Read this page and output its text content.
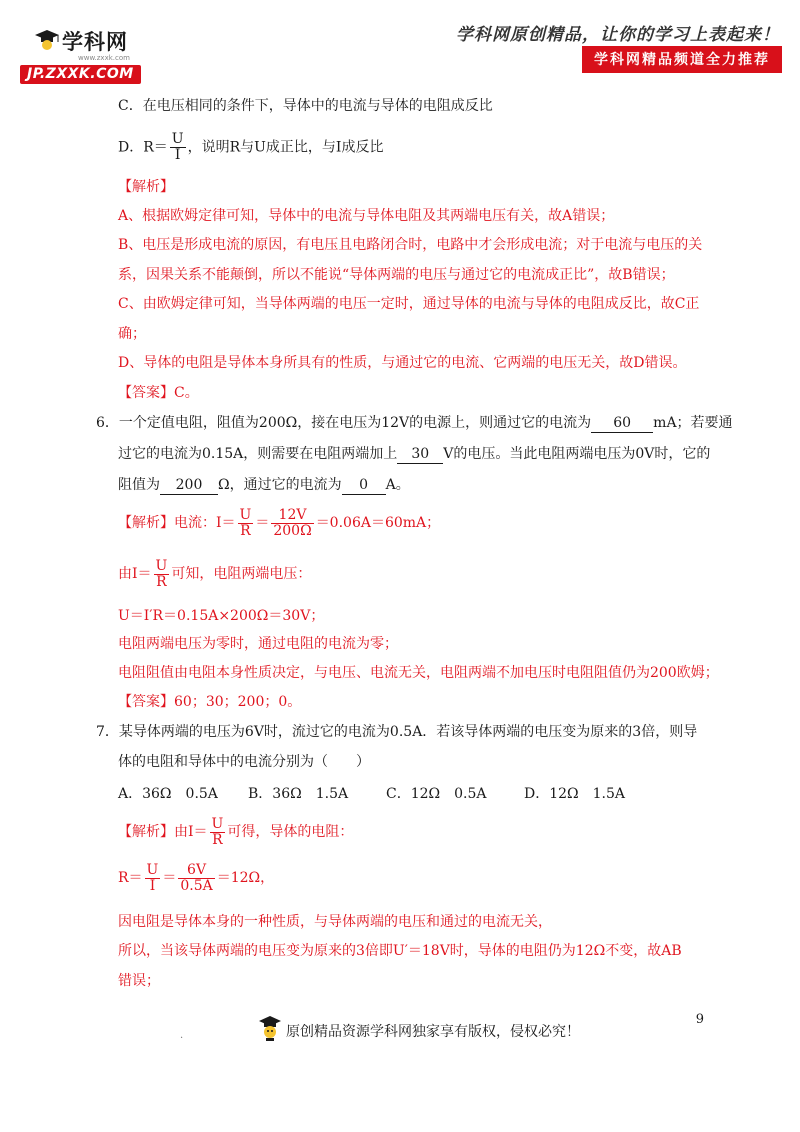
学科网
www.zxxk.com
JP.ZXXK.COM
学科网原创精品，让你的学习上表起来！
学科网精品频道全力推荐
C．在电压相同的条件下，导体中的电流与导体的电阻成反比
D．$R= \frac{U}{I}$ ，说明R与U成正比，与I成反比
【解析】
A、根据欧姆定律可知，导体中的电流与导体电阻及其两端电压有关，故A错误；
B、电压是形成电流的原因，有电压且电路闭合时，电路中才会形成电流；对于电流与电压的关
系，因果关系不能颠倒，所以不能说“导体两端的电压与通过它的电流成正比”，故B错误；
C、由欧姆定律可知，当导体两端的电压一定时，通过导体的电流与导体的电阻成反比，故C正
确；
D、导体的电阻是导体本身所具有的性质，与通过它的电流、它两端的电压无关，故D错误。
【答案】C。
6．一个定值电阻，阻值为200Ω，接在电压为12V的电源上，则通过它的电流为 60 mA；若要通
过它的电流为0.15A，则需要在电阻两端加上 30 V的电压。当此电阻两端电压为0V时，它的
阻值为 200 Ω，通过它的电流为 0 A。
【解析】电流：$I= \frac{U}{R} = \frac{12V}{200\Omega} =0.06A=60mA$；
由$I= \frac{U}{R}$ 可知，电阻两端电压：
U＝I′R＝0.15A×200Ω＝30V；
电阻两端电压为零时，通过电阻的电流为零；
电阻阻值由电阻本身性质决定，与电压、电流无关，电阻两端不加电压时电阻阻值仍为200欧姆；
【答案】60；30；200；0。
7．某导体两端的电压为6V时，流过它的电流为0.5A．若该导体两端的电压变为原来的3倍，则导
体的电阻和导体中的电流分别为（　　）
A．36Ω　0.5A B．36Ω　1.5A	C．12Ω　0.5A	D．12Ω　1.5A
【解析】由$I= \frac{U}{R}$ 可得，导体的电阻：
$R= \frac{U}{I} = \frac{6V}{0.5A} =12\Omega$，
因电阻是导体本身的一种性质，与导体两端的电压和通过的电流无关，
所以，当该导体两端的电压变为原来的3倍即U′＝18V时，导体的电阻仍为12Ω不变，故AB
错误；
9
.	原创精品资源学科网独家享有版权，侵权必究！
